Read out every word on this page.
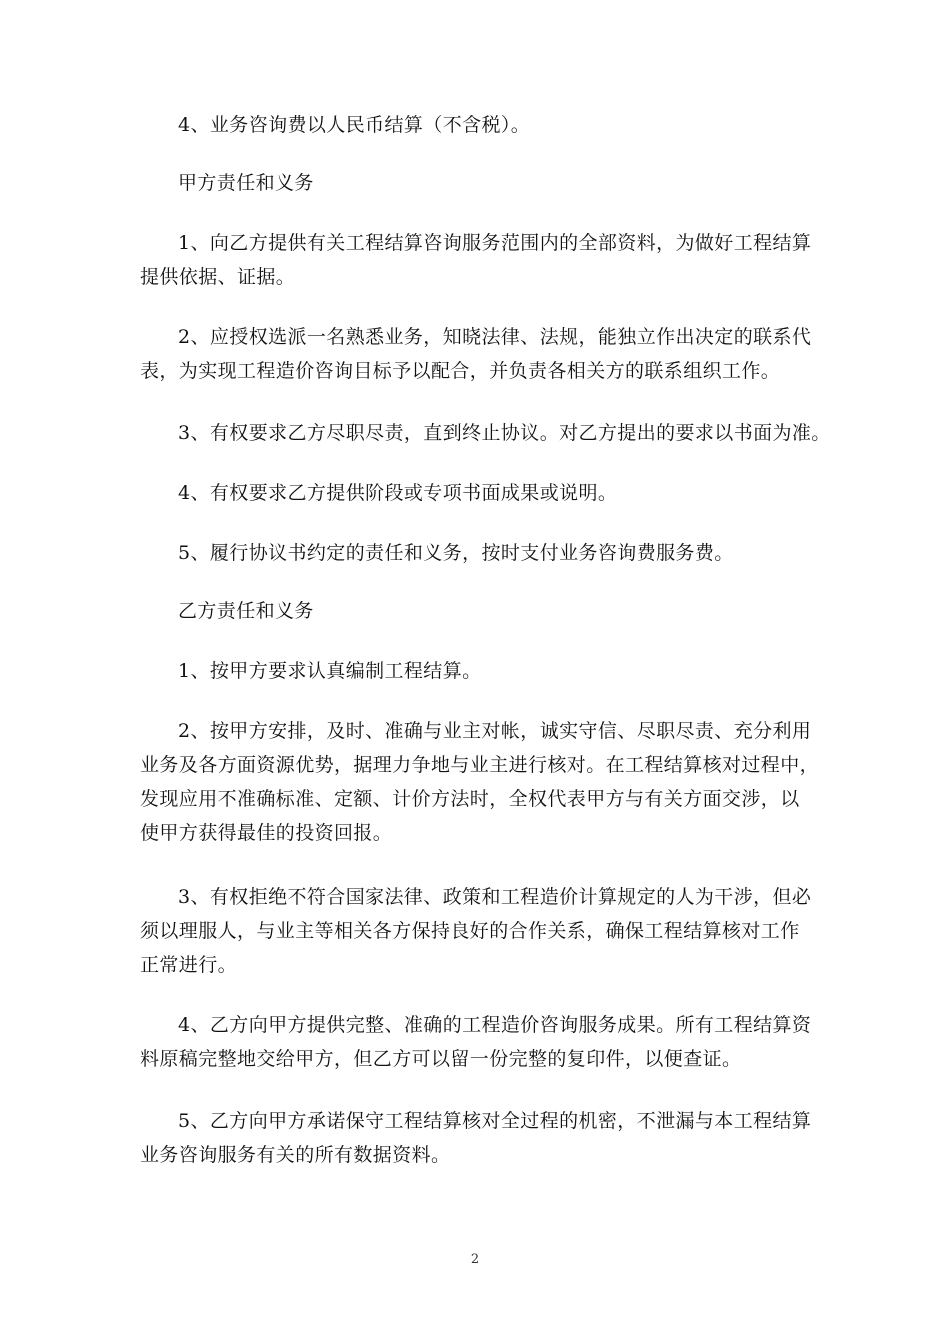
4、业务咨询费以人民币结算（不含税）。

甲方责任和义务

1、向乙方提供有关工程结算咨询服务范围内的全部资料，为做好工程结算
提供依据、证据。

2、应授权选派一名熟悉业务，知晓法律、法规，能独立作出决定的联系代
表，为实现工程造价咨询目标予以配合，并负责各相关方的联系组织工作。

3、有权要求乙方尽职尽责，直到终止协议。对乙方提出的要求以书面为准。

4、有权要求乙方提供阶段或专项书面成果或说明。

5、履行协议书约定的责任和义务，按时支付业务咨询费服务费。

乙方责任和义务

1、按甲方要求认真编制工程结算。

2、按甲方安排，及时、准确与业主对帐，诚实守信、尽职尽责、充分利用
业务及各方面资源优势，据理力争地与业主进行核对。在工程结算核对过程中，
发现应用不准确标准、定额、计价方法时，全权代表甲方与有关方面交涉，以
使甲方获得最佳的投资回报。

3、有权拒绝不符合国家法律、政策和工程造价计算规定的人为干涉，但必
须以理服人，与业主等相关各方保持良好的合作关系，确保工程结算核对工作
正常进行。

4、乙方向甲方提供完整、准确的工程造价咨询服务成果。所有工程结算资
料原稿完整地交给甲方，但乙方可以留一份完整的复印件，以便查证。

5、乙方向甲方承诺保守工程结算核对全过程的机密，不泄漏与本工程结算
业务咨询服务有关的所有数据资料。

2
